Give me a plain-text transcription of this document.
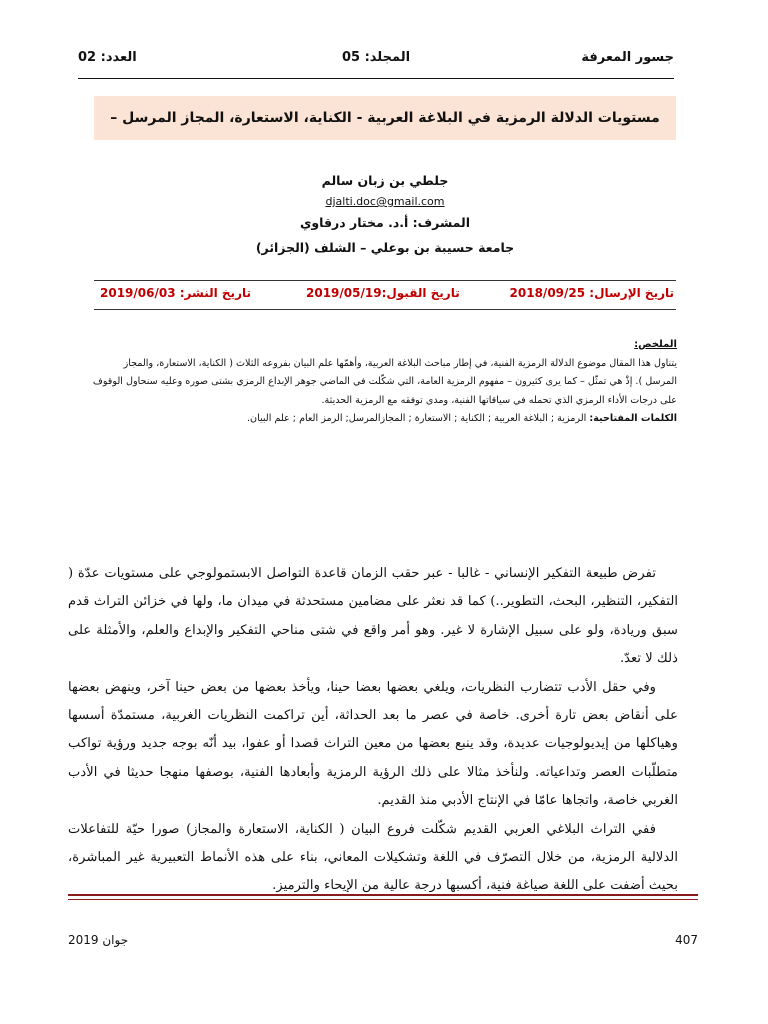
جسور المعرفة
المجلد: 05
العدد: 02
مستويات الدلالة الرمزية في البلاغة العربية - الكناية، الاستعارة، المجاز المرسل –
جلطي بن زبان سالم
djalti.doc@gmail.com
المشرف: أ.د. مختار درقاوي
جامعة حسيبة بن بوعلي – الشلف (الجزائر)
تاريخ الإرسال: 2018/09/25
تاريخ القبول:2019/05/19
تاريخ النشر: 2019/06/03

الملخص:

يتناول هذا المقال موضوع الدلالة الرمزية الفنية، في إطار مباحث البلاغة العربية، وأهمّها علم البيان بفروعه الثلاث ( الكناية، الاستعارة، والمجاز المرسل ). إذْ هي تمثّل – كما يرى كثيرون – مفهوم الرمزية العامة، التي شكّلت في الماضي جوهر الإبداع الرمزي بشتى صوره وعليه سنحاول الوقوف على درجات الأداء الرمزي الذي تحمله في سياقاتها الفنية، ومدى توفقه مع الرمزية الحديثة.

الكلمات المفتاحية: الرمزية ; البلاغة العربية ; الكناية ; الاستعارة ; المجازالمرسل; الرمز العام ; علم البيان.

تفرض طبيعة التفكير الإنساني - غالبا - عبر حقب الزمان قاعدة التواصل الابستمولوجي على مستويات عدّة ( التفكير، التنظير، البحث، التطوير..) كما قد نعثر على مضامين مستحدثة في ميدان ما، ولها في خزائن التراث قدم سبق وريادة، ولو على سبيل الإشارة لا غير. وهو أمر واقع في شتى مناحي التفكير والإبداع والعلم، والأمثلة على ذلك لا تعدّ.

وفي حقل الأدب تتضارب النظريات، ويلغي بعضها بعضا حينا، ويأخذ بعضها من بعض حينا آخر، وينهض بعضها على أنقاض بعض تارة أخرى. خاصة في عصر ما بعد الحداثة، أين تراكمت النظريات الغربية، مستمدّة أسسها وهياكلها من إيديولوجيات عديدة، وقد ينبع بعضها من معين التراث قصدا أو عفوا، بيد أنّه بوجه جديد ورؤية تواكب متطلّبات العصر وتداعياته. ولنأخذ مثالا على ذلك الرؤية الرمزية وأبعادها الفنية، بوصفها منهجا حديثا في الأدب الغربي خاصة، واتجاها عامّا في الإنتاج الأدبي منذ القديم.

ففي التراث البلاغي العربي القديم شكّلت فروع البيان ( الكناية، الاستعارة والمجاز) صورا حيّة للتفاعلات الدلالية الرمزية، من خلال التصرّف في اللغة وتشكيلات المعاني، بناء على هذه الأنماط التعبيرية غير المباشرة، بحيث أضفت على اللغة صياغة فنية، أكسبها درجة عالية من الإيحاء والترميز.

407
جوان 2019
